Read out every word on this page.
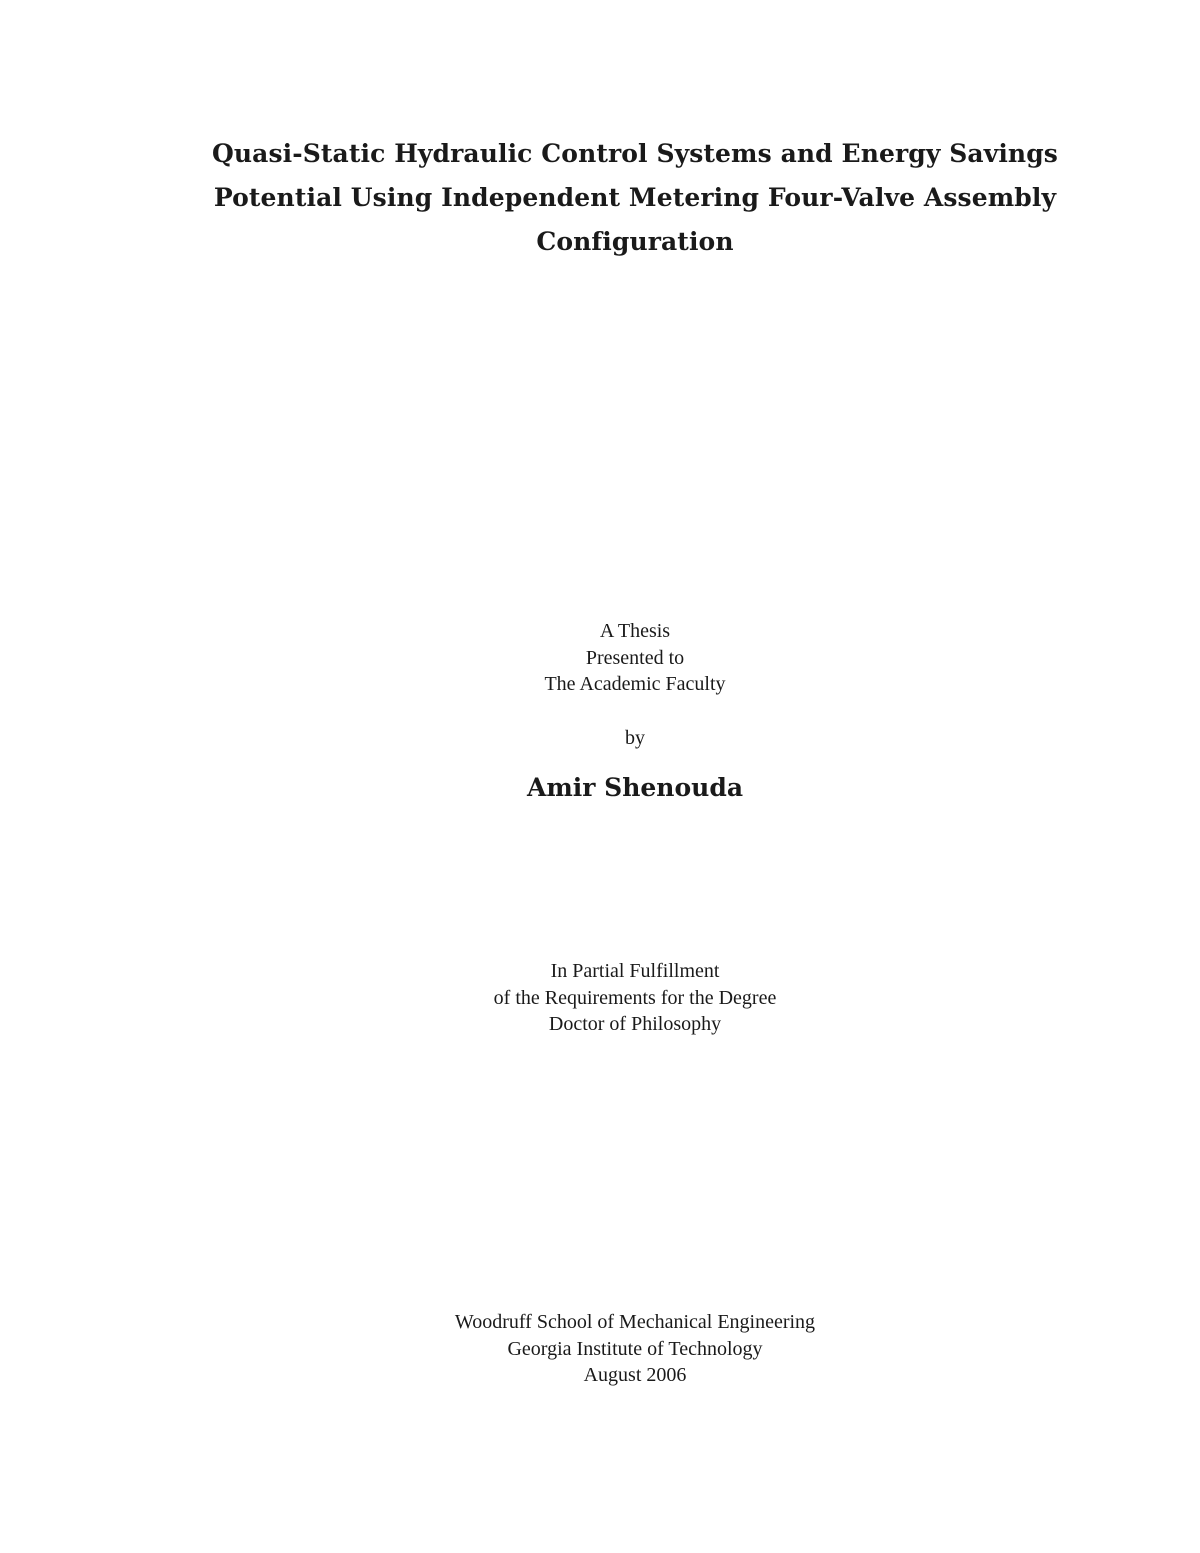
Quasi-Static Hydraulic Control Systems and Energy Savings
Potential Using Independent Metering Four-Valve Assembly
Configuration
A Thesis
Presented to
The Academic Faculty
by
Amir Shenouda
In Partial Fulfillment
of the Requirements for the Degree
Doctor of Philosophy
Woodruff School of Mechanical Engineering
Georgia Institute of Technology
August 2006
